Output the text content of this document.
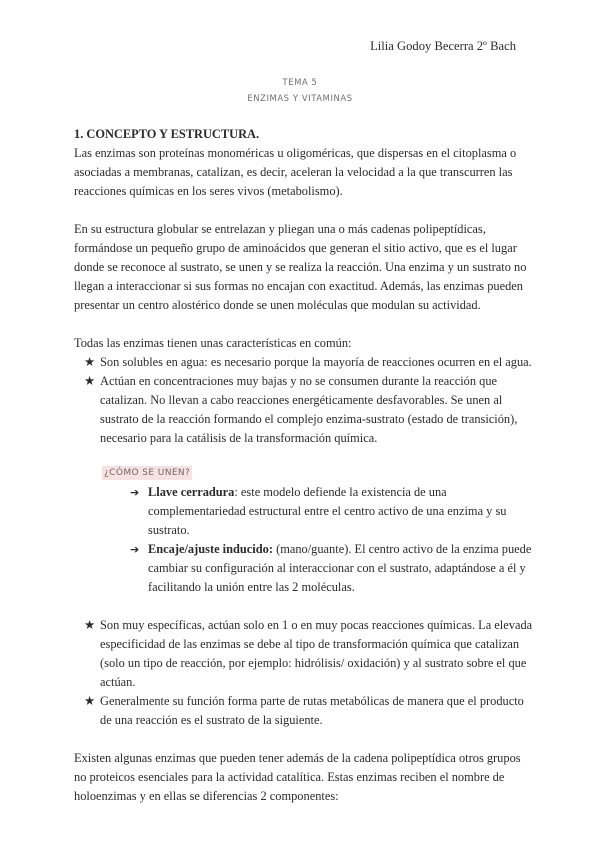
Lilia Godoy Becerra 2º Bach
TEMA 5
ENZIMAS Y VITAMINAS

1. CONCEPTO Y ESTRUCTURA.

Las enzimas son proteínas monoméricas u oligoméricas, que dispersas en el citoplasma o asociadas a membranas, catalizan, es decir, aceleran la velocidad a la que transcurren las reacciones químicas en los seres vivos (metabolismo).

En su estructura globular se entrelazan y pliegan una o más cadenas polipeptídicas, formándose un pequeño grupo de aminoácidos que generan el sitio activo, que es el lugar donde se reconoce al sustrato, se unen y se realiza la reacción. Una enzima y un sustrato no llegan a interaccionar si sus formas no encajan con exactitud. Además, las enzimas pueden presentar un centro alostérico donde se unen moléculas que modulan su actividad.

Todas las enzimas tienen unas características en común:

★ Son solubles en agua: es necesario porque la mayoría de reacciones ocurren en el agua.
★ Actúan en concentraciones muy bajas y no se consumen durante la reacción que catalizan. No llevan a cabo reacciones energéticamente desfavorables. Se unen al sustrato de la reacción formando el complejo enzima-sustrato (estado de transición), necesario para la catálisis de la transformación química.
¿CÓMO SE UNEN?
➔ Llave cerradura: este modelo defiende la existencia de una complementariedad estructural entre el centro activo de una enzima y su sustrato.
➔ Encaje/ajuste inducido: (mano/guante). El centro activo de la enzima puede cambiar su configuración al interaccionar con el sustrato, adaptándose a él y facilitando la unión entre las 2 moléculas.
★ Son muy específicas, actúan solo en 1 o en muy pocas reacciones químicas. La elevada especificidad de las enzimas se debe al tipo de transformación química que catalizan (solo un tipo de reacción, por ejemplo: hidrólisis/ oxidación) y al sustrato sobre el que actúan.
★ Generalmente su función forma parte de rutas metabólicas de manera que el producto de una reacción es el sustrato de la siguiente.

Existen algunas enzimas que pueden tener además de la cadena polipeptídica otros grupos no proteicos esenciales para la actividad catalítica. Estas enzimas reciben el nombre de holoenzimas y en ellas se diferencias 2 componentes:
